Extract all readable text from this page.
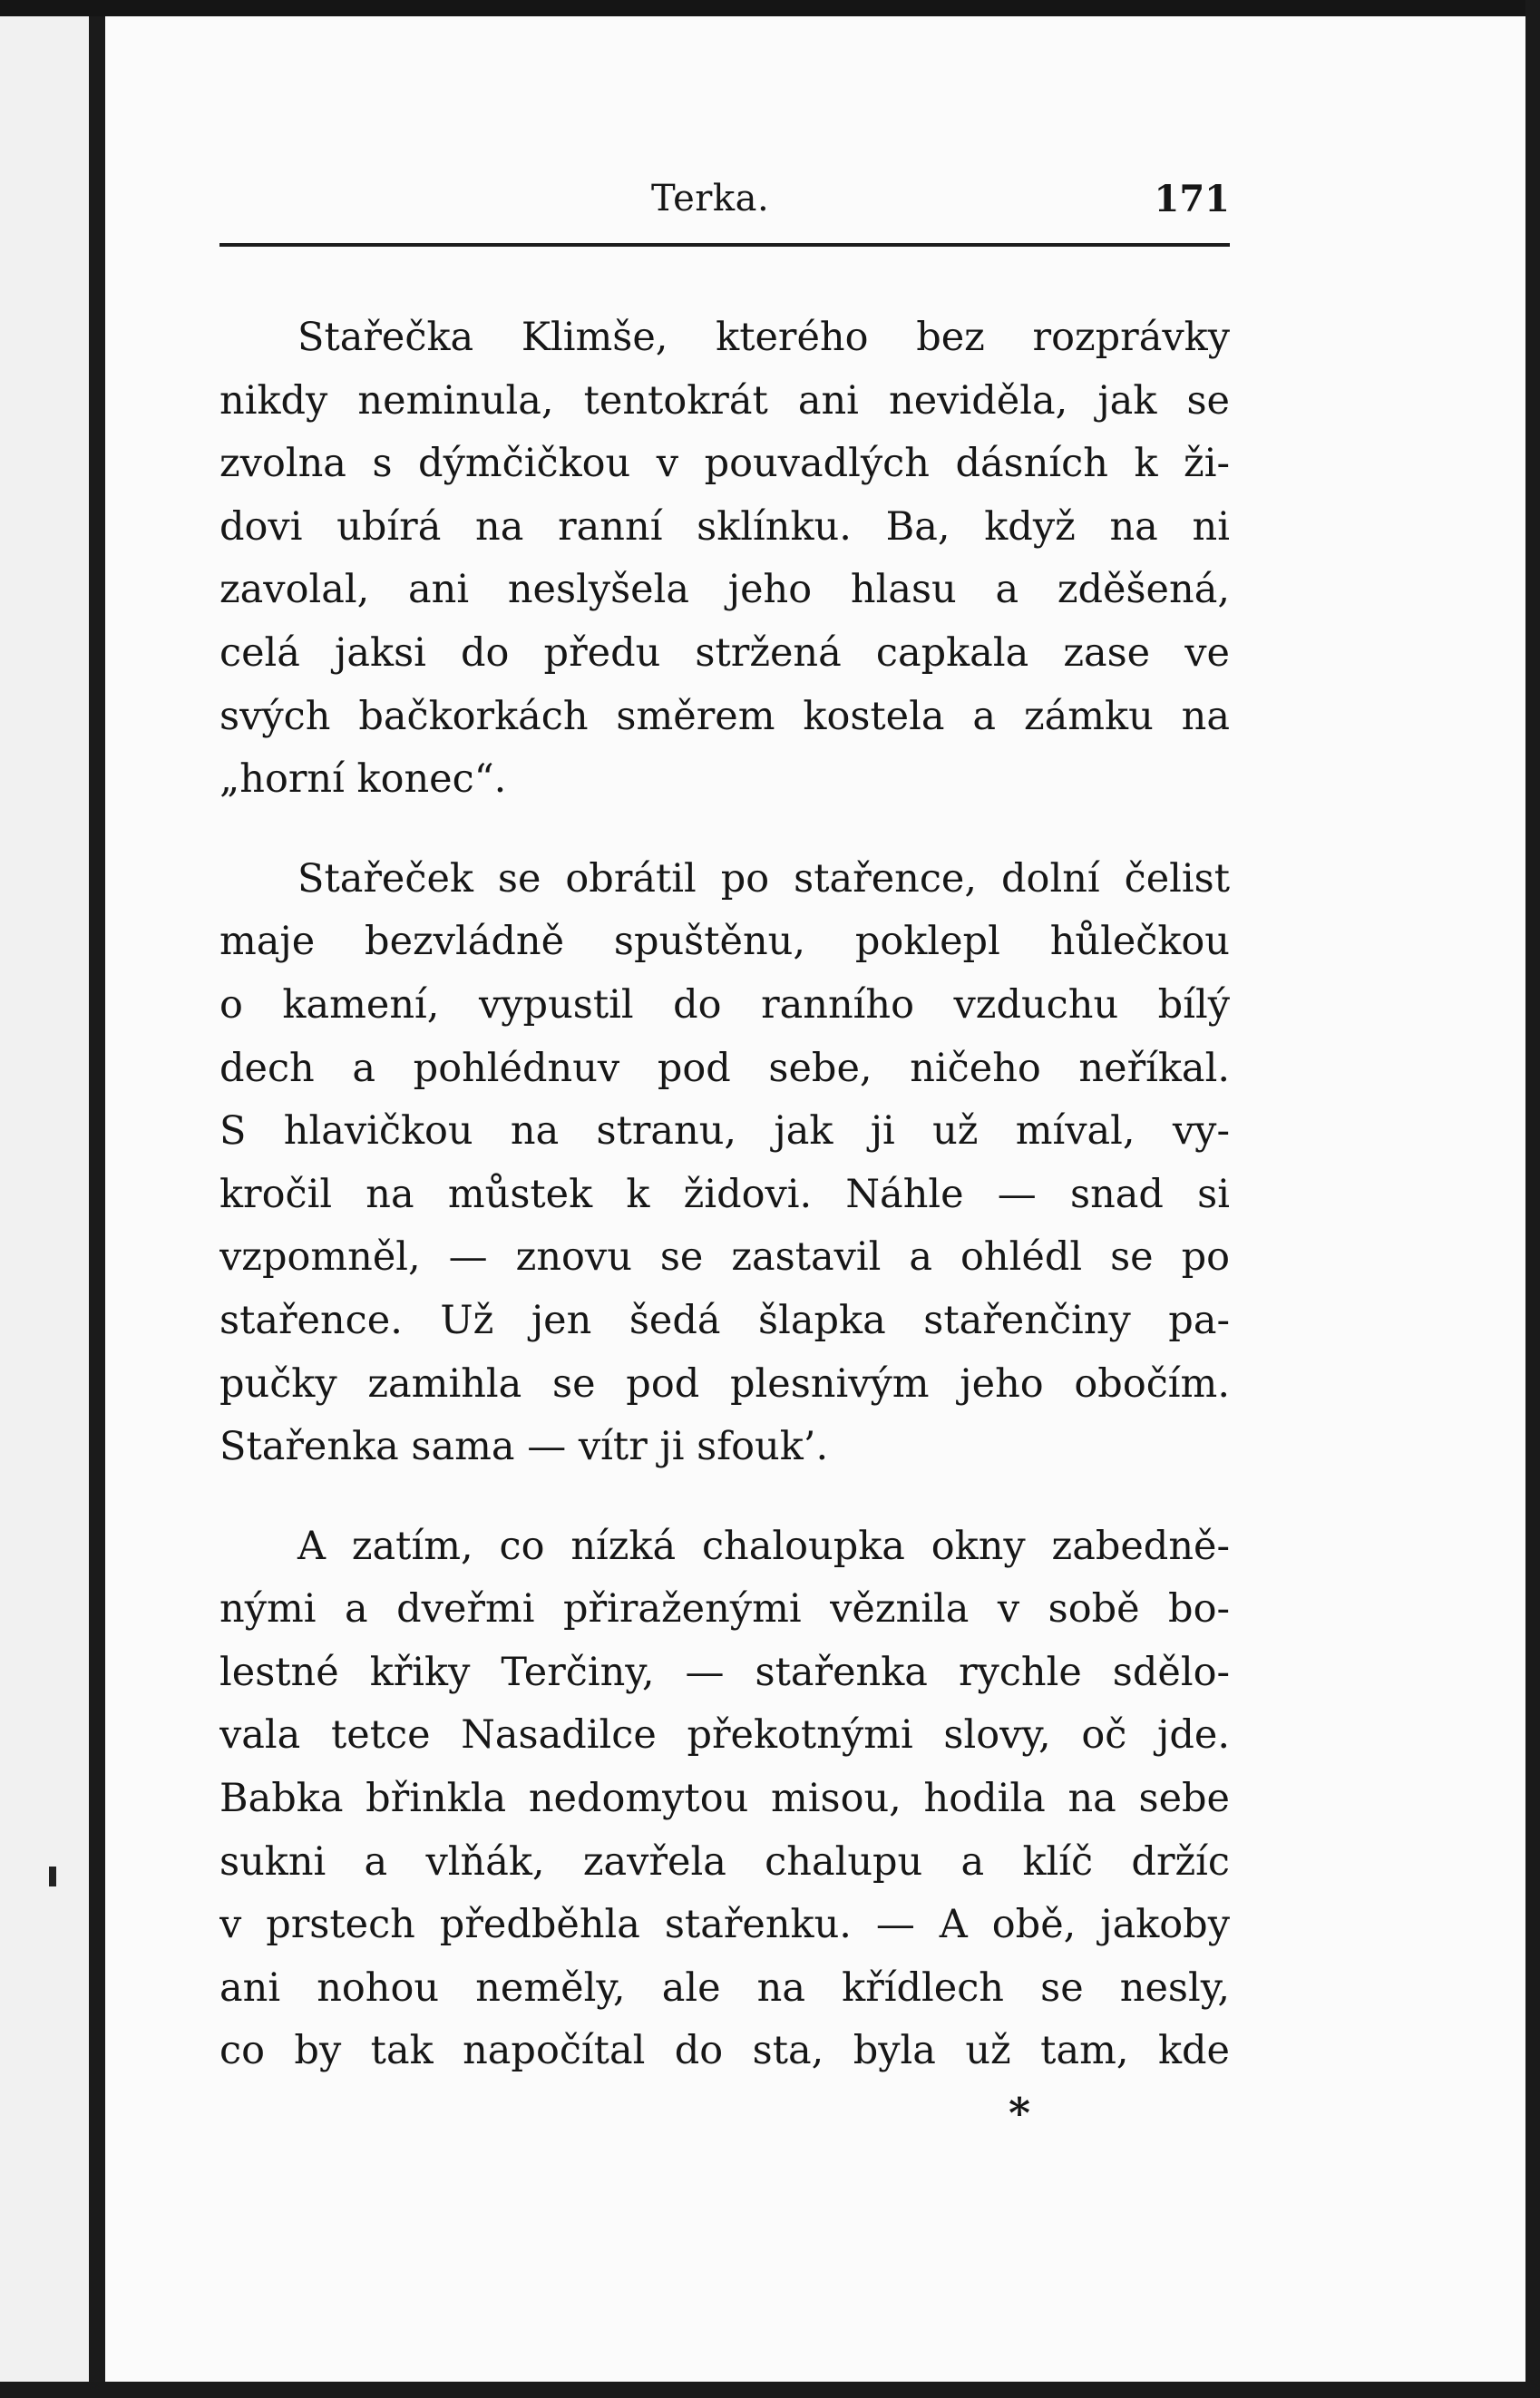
Terka.	171
Stařečka Klimše, kterého bez rozprávky
nikdy neminula, tentokrát ani neviděla, jak se
zvolna s dýmčičkou v pouvadlých dásních k ži-
dovi ubírá na ranní sklínku. Ba, když na ni
zavolal, ani neslyšela jeho hlasu a zděšená,
celá jaksi do předu stržená capkala zase ve
svých bačkorkách směrem kostela a zámku na
„horní konec“.
Stařeček se obrátil po stařence, dolní čelist
maje bezvládně spuštěnu, poklepl hůlečkou
o kamení, vypustil do ranního vzduchu bílý
dech a pohlédnuv pod sebe, ničeho neříkal.
S hlavičkou na stranu, jak ji už míval, vy-
kročil na můstek k židovi. Náhle — snad si
vzpomněl, — znovu se zastavil a ohlédl se po
stařence. Už jen šedá šlapka stařenčiny pa-
pučky zamihla se pod plesnivým jeho obočím.
Stařenka sama — vítr ji sfouk’.
A zatím, co nízká chaloupka okny zabedně-
nými a dveřmi přiraženými věznila v sobě bo-
lestné křiky Terčiny, — stařenka rychle sdělo-
vala tetce Nasadilce překotnými slovy, oč jde.
Babka břinkla nedomytou misou, hodila na sebe
sukni a vlňák, zavřela chalupu a klíč držíc
v prstech předběhla stařenku. — A obě, jakoby
ani nohou neměly, ale na křídlech se nesly,
co by tak napočítal do sta, byla už tam, kde
*
